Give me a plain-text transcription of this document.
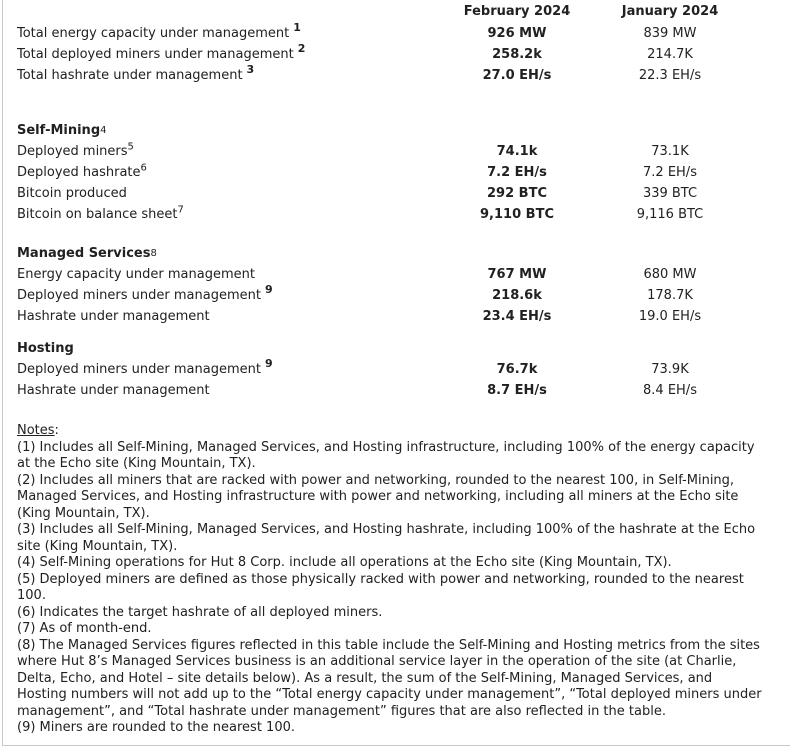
February 2024	January 2024
Total energy capacity under management $^1$	926 MW	839 MW
Total deployed miners under management $^2$	258.2k	214.7K
Total hashrate under management $^3$	27.0 EH/s	22.3 EH/s
Self-Mining 4
Deployed miners$^5$	74.1k	73.1K
Deployed hashrate$^6$	7.2 EH/s	7.2 EH/s
Bitcoin produced	292 BTC	339 BTC
Bitcoin on balance sheet$^7$	9,110 BTC	9,116 BTC
Managed Services 8
Energy capacity under management	767 MW	680 MW
Deployed miners under management $^9$	218.6k	178.7K
Hashrate under management	23.4 EH/s	19.0 EH/s
Hosting
Deployed miners under management $^9$	76.7k	73.9K
Hashrate under management	8.7 EH/s	8.4 EH/s

Notes:

(1) Includes all Self-Mining, Managed Services, and Hosting infrastructure, including 100% of the energy capacity at the Echo site (King Mountain, TX).

(2) Includes all miners that are racked with power and networking, rounded to the nearest 100, in Self-Mining, Managed Services, and Hosting infrastructure with power and networking, including all miners at the Echo site (King Mountain, TX).

(3) Includes all Self-Mining, Managed Services, and Hosting hashrate, including 100% of the hashrate at the Echo site (King Mountain, TX).

(4) Self-Mining operations for Hut 8 Corp. include all operations at the Echo site (King Mountain, TX).

(5) Deployed miners are defined as those physically racked with power and networking, rounded to the nearest 100.

(6) Indicates the target hashrate of all deployed miners.

(7) As of month-end.

(8) The Managed Services figures reflected in this table include the Self-Mining and Hosting metrics from the sites where Hut 8’s Managed Services business is an additional service layer in the operation of the site (at Charlie, Delta, Echo, and Hotel – site details below). As a result, the sum of the Self-Mining, Managed Services, and Hosting numbers will not add up to the “Total energy capacity under management”, “Total deployed miners under management”, and “Total hashrate under management” figures that are also reflected in the table.

(9) Miners are rounded to the nearest 100.
